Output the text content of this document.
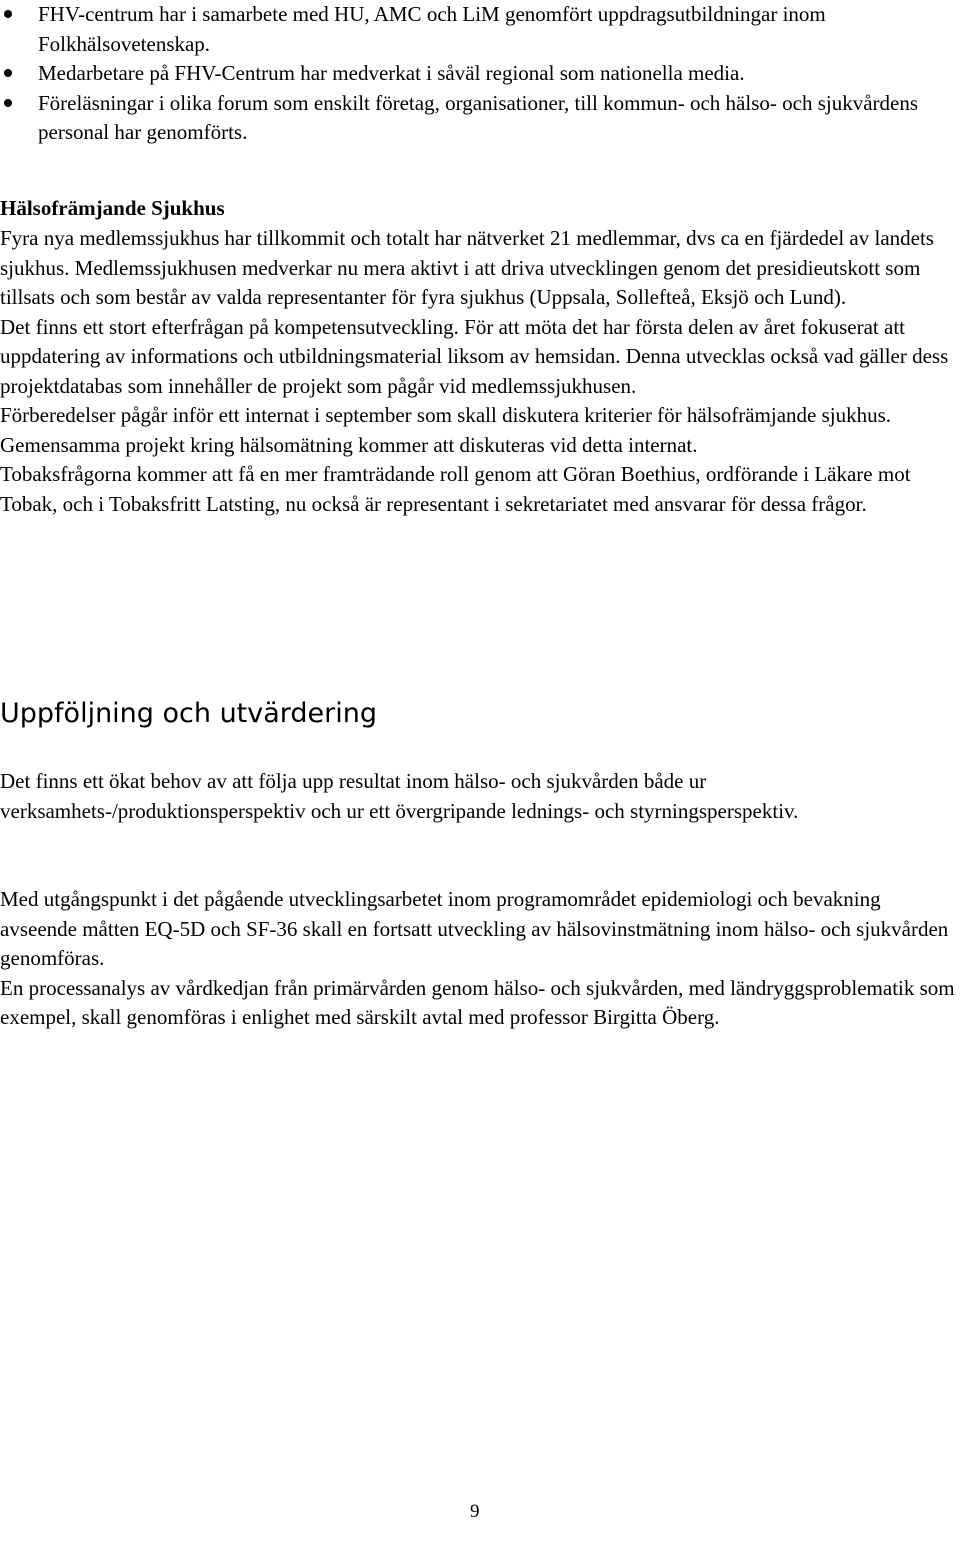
FHV-centrum har i samarbete med HU, AMC och LiM genomfört uppdragsutbildningar inom Folkhälsovetenskap.
Medarbetare på FHV-Centrum har medverkat i såväl regional som nationella media.
Föreläsningar i olika forum som enskilt företag, organisationer, till kommun- och hälso- och sjukvårdens personal har genomförts.
Hälsofrämjande Sjukhus

Fyra nya medlemssjukhus har tillkommit och totalt har nätverket 21 medlemmar, dvs ca en fjärdedel av landets sjukhus. Medlemssjukhusen medverkar nu mera aktivt i att driva utvecklingen genom det presidieutskott som tillsats och som består av valda representanter för fyra sjukhus (Uppsala, Sollefteå, Eksjö och Lund).

Det finns ett stort efterfrågan på kompetensutveckling. För att möta det har första delen av året fokuserat att uppdatering av informations och utbildningsmaterial liksom av hemsidan. Denna utvecklas också vad gäller dess projektdatabas som innehåller de projekt som pågår vid medlemssjukhusen.

Förberedelser pågår inför ett internat i september som skall diskutera kriterier för hälsofrämjande sjukhus. Gemensamma projekt kring hälsomätning kommer att diskuteras vid detta internat.

Tobaksfrågorna kommer att få en mer framträdande roll genom att Göran Boethius, ordförande i Läkare mot Tobak, och i Tobaksfritt Latsting, nu också är representant i sekretariatet med ansvarar för dessa frågor.

Uppföljning och utvärdering

Det finns ett ökat behov av att följa upp resultat inom hälso- och sjukvården både ur verksamhets-/produktionsperspektiv och ur ett övergripande lednings- och styrningsperspektiv.

Med utgångspunkt i det pågående utvecklingsarbetet inom programområdet epidemiologi och bevakning avseende måtten EQ-5D och SF-36 skall en fortsatt utveckling av hälsovinstmätning inom hälso- och sjukvården genomföras.

En processanalys av vårdkedjan från primärvården genom hälso- och sjukvården, med ländryggsproblematik som exempel, skall genomföras i enlighet med särskilt avtal med professor Birgitta Öberg.

9
